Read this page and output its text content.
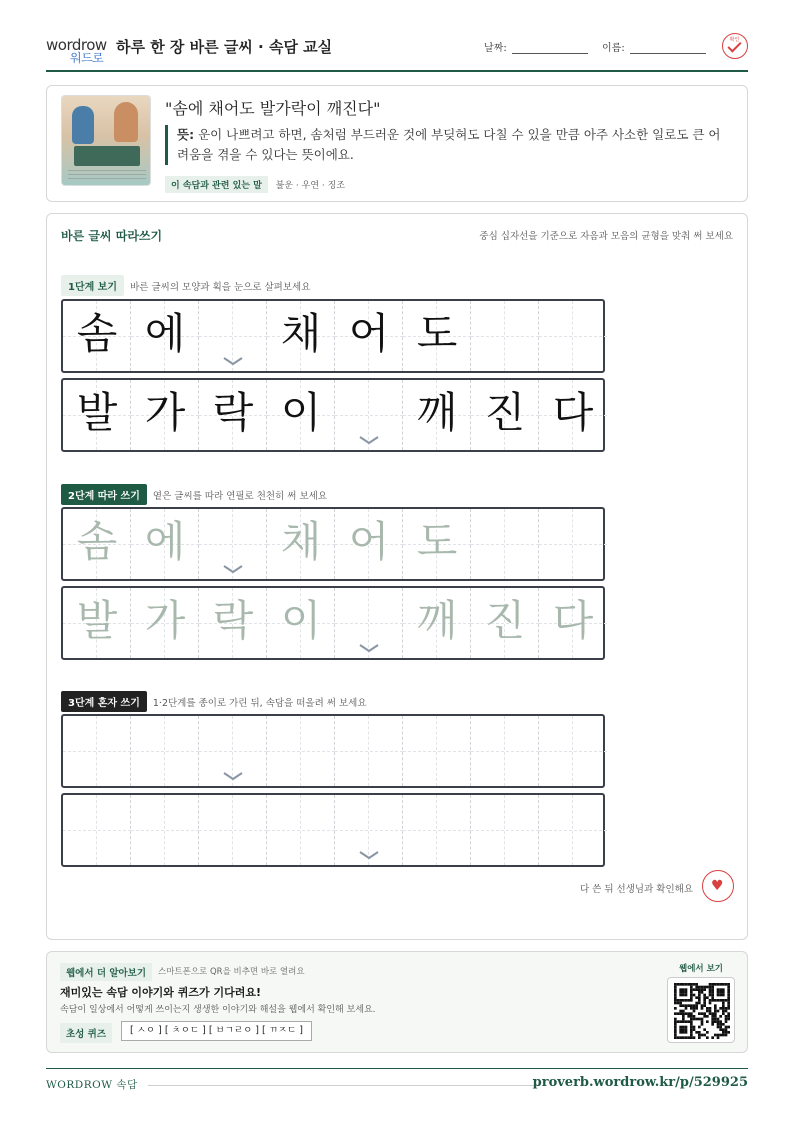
wordrow
워드로
하루 한 장 바른 글씨 · 속담 교실	날짜:	이름:
확인
"솜에 채어도 발가락이 깨진다"
뜻: 운이 나쁘려고 하면, 솜처럼 부드러운 것에 부딪혀도 다칠 수 있을 만큼 아주 사소한 일로도 큰 어려움을 겪을 수 있다는 뜻이에요.
이 속담과 관련 있는 말 불운 · 우연 · 징조
바른 글씨 따라쓰기	중심 십자선을 기준으로 자음과 모음의 균형을 맞춰 써 보세요
1단계 보기 바른 글씨의 모양과 획을 눈으로 살펴보세요
솜 에	채 어 도
발 가 락 이	깨 진 다
2단계 따라 쓰기 옅은 글씨를 따라 연필로 천천히 써 보세요
솜 에	채 어 도
발 가 락 이	깨 진 다
3단계 혼자 쓰기 1·2단계를 종이로 가린 뒤, 속담을 떠올려 써 보세요
다 쓴 뒤 선생님과 확인해요 ♥
웹에서 더 알아보기	스마트폰으로 QR을 비추면 바로 열려요
재미있는 속담 이야기와 퀴즈가 기다려요!
속담이 일상에서 어떻게 쓰이는지 생생한 이야기와 해설을 웹에서 확인해 보세요.
초성 퀴즈	[ ㅅㅇ ] [ ㅊㅇㄷ ] [ ㅂㄱㄹㅇ ] [ ㄲㅈㄷ ]
웹에서 보기
WORDROW 속담	proverb.wordrow.kr/p/529925
